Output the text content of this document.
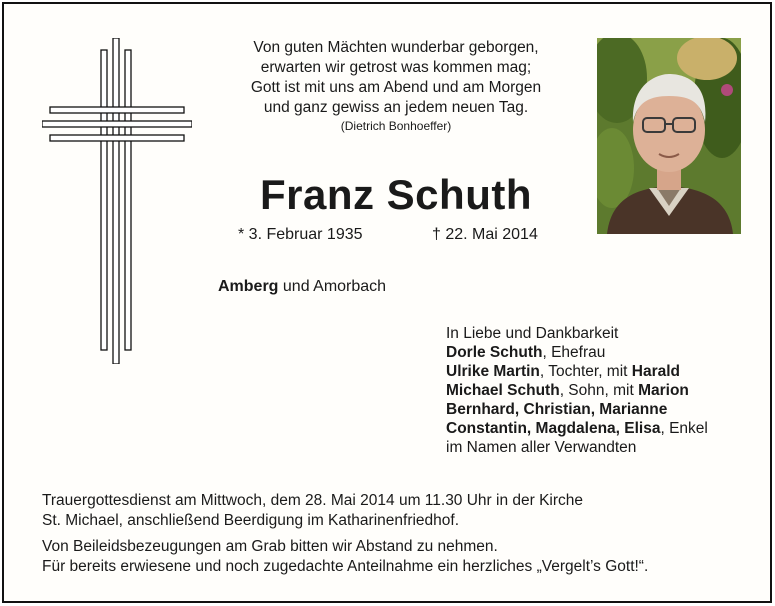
Von guten Mächten wunderbar geborgen,
erwarten wir getrost was kommen mag;
Gott ist mit uns am Abend und am Morgen
und ganz gewiss an jedem neuen Tag.
(Dietrich Bonhoeffer)
Franz Schuth
* 3. Februar 1935	† 22. Mai 2014
Amberg und Amorbach
In Liebe und Dankbarkeit
Dorle Schuth, Ehefrau
Ulrike Martin, Tochter, mit Harald
Michael Schuth, Sohn, mit Marion
Bernhard, Christian, Marianne
Constantin, Magdalena, Elisa, Enkel
im Namen aller Verwandten
Trauergottesdienst am Mittwoch, dem 28. Mai 2014 um 11.30 Uhr in der Kirche
St. Michael, anschließend Beerdigung im Katharinenfriedhof.
Von Beileidsbezeugungen am Grab bitten wir Abstand zu nehmen.
Für bereits erwiesene und noch zugedachte Anteilnahme ein herzliches „Vergelt’s Gott!“.
